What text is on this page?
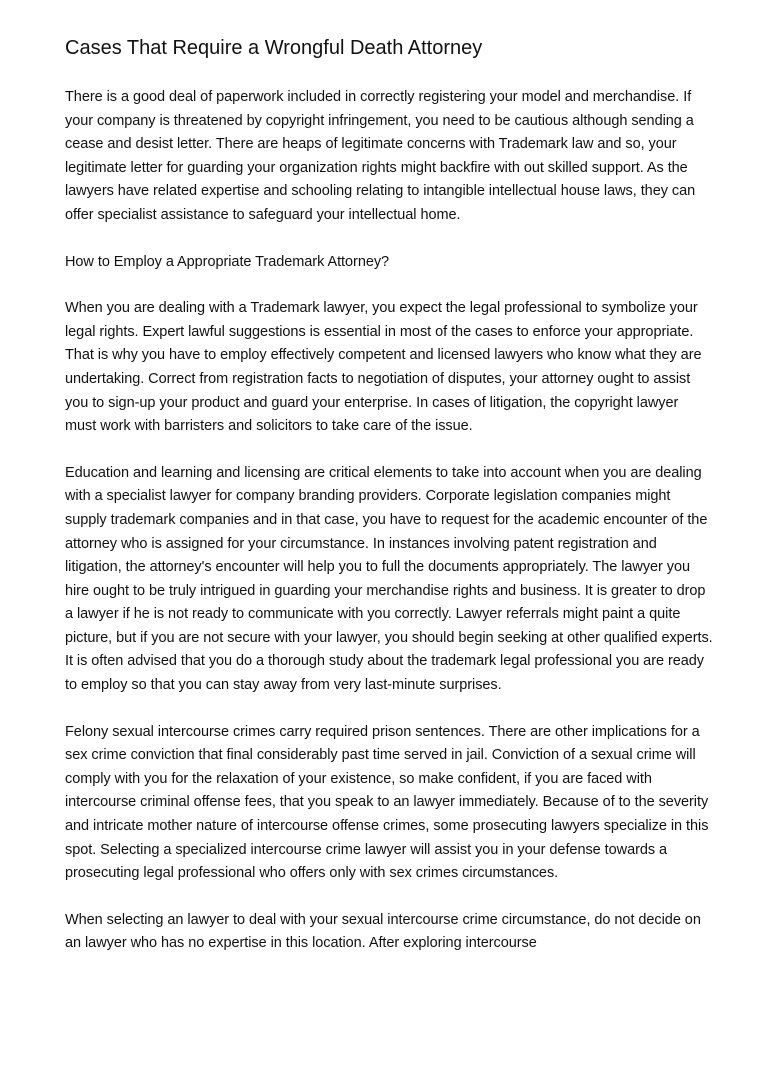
Cases That Require a Wrongful Death Attorney

There is a good deal of paperwork included in correctly registering your model and merchandise. If your company is threatened by copyright infringement, you need to be cautious although sending a cease and desist letter. There are heaps of legitimate concerns with Trademark law and so, your legitimate letter for guarding your organization rights might backfire with out skilled support. As the lawyers have related expertise and schooling relating to intangible intellectual house laws, they can offer specialist assistance to safeguard your intellectual home.

How to Employ a Appropriate Trademark Attorney?

When you are dealing with a Trademark lawyer, you expect the legal professional to symbolize your legal rights. Expert lawful suggestions is essential in most of the cases to enforce your appropriate. That is why you have to employ effectively competent and licensed lawyers who know what they are undertaking. Correct from registration facts to negotiation of disputes, your attorney ought to assist you to sign-up your product and guard your enterprise. In cases of litigation, the copyright lawyer must work with barristers and solicitors to take care of the issue.

Education and learning and licensing are critical elements to take into account when you are dealing with a specialist lawyer for company branding providers. Corporate legislation companies might supply trademark companies and in that case, you have to request for the academic encounter of the attorney who is assigned for your circumstance. In instances involving patent registration and litigation, the attorney's encounter will help you to full the documents appropriately. The lawyer you hire ought to be truly intrigued in guarding your merchandise rights and business. It is greater to drop a lawyer if he is not ready to communicate with you correctly. Lawyer referrals might paint a quite picture, but if you are not secure with your lawyer, you should begin seeking at other qualified experts. It is often advised that you do a thorough study about the trademark legal professional you are ready to employ so that you can stay away from very last-minute surprises.

Felony sexual intercourse crimes carry required prison sentences. There are other implications for a sex crime conviction that final considerably past time served in jail. Conviction of a sexual crime will comply with you for the relaxation of your existence, so make confident, if you are faced with intercourse criminal offense fees, that you speak to an lawyer immediately. Because of to the severity and intricate mother nature of intercourse offense crimes, some prosecuting lawyers specialize in this spot. Selecting a specialized intercourse crime lawyer will assist you in your defense towards a prosecuting legal professional who offers only with sex crimes circumstances.

When selecting an lawyer to deal with your sexual intercourse crime circumstance, do not decide on an lawyer who has no expertise in this location. After exploring intercourse
